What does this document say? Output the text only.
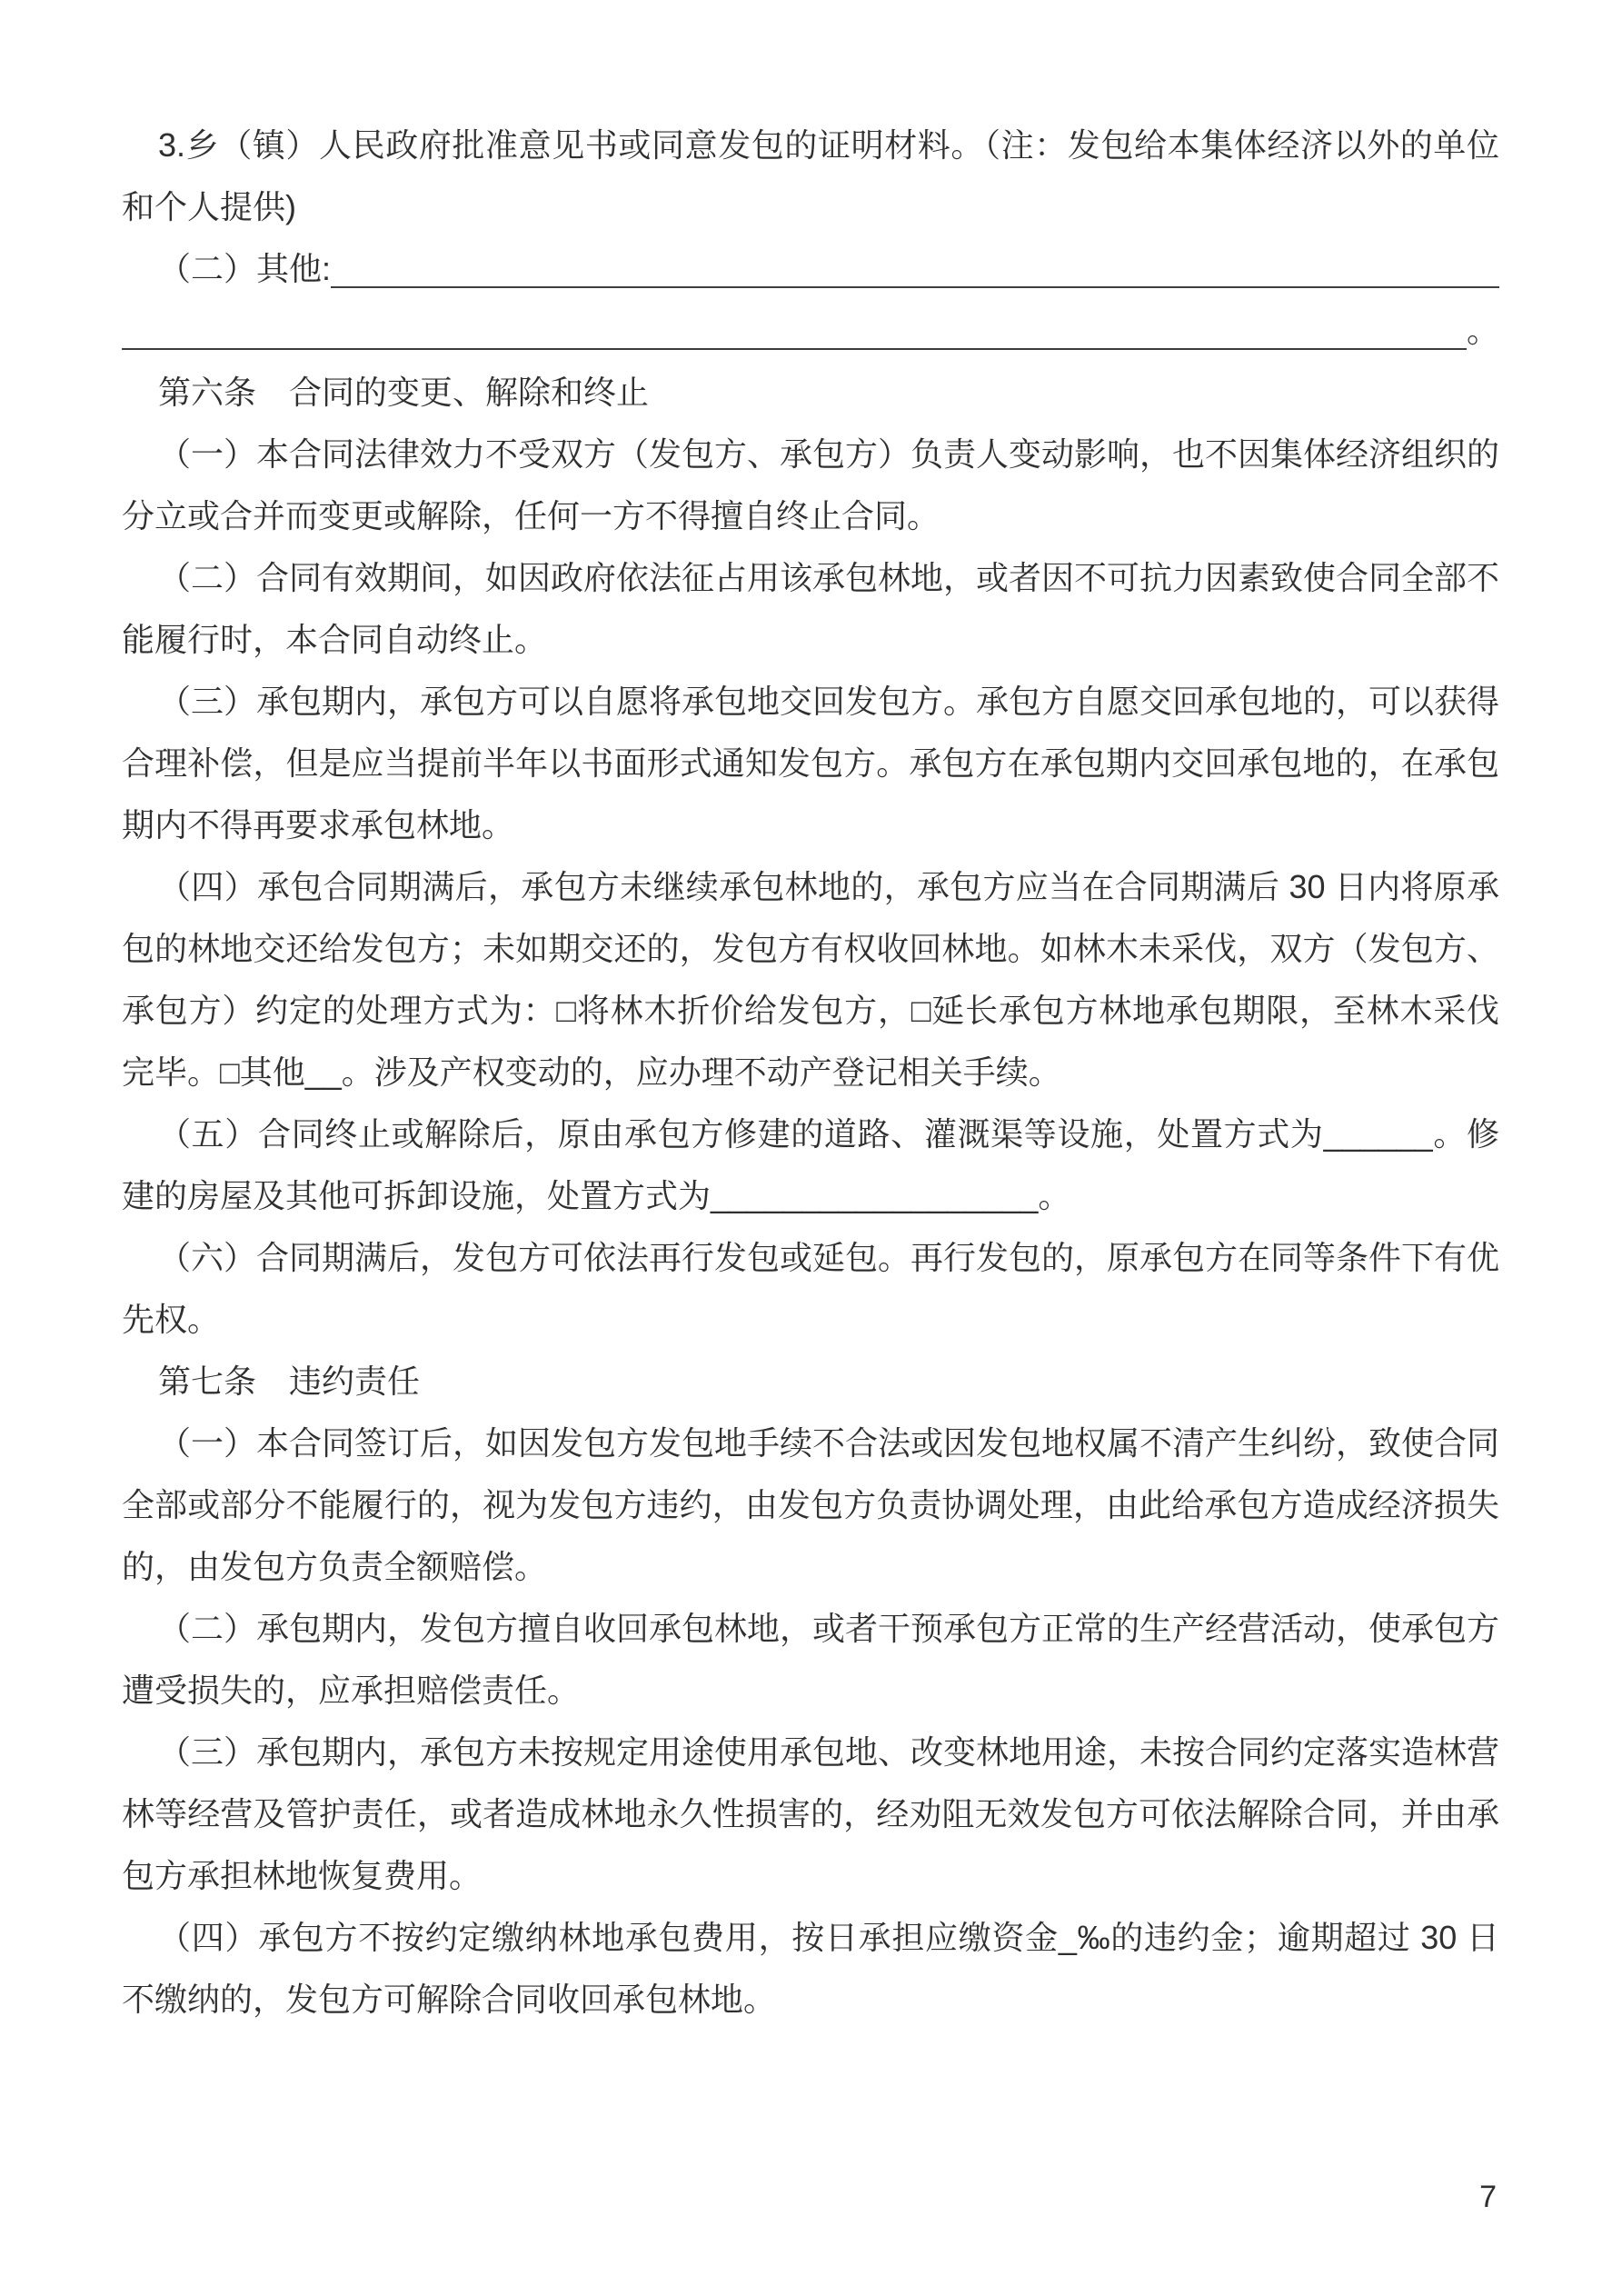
3.乡（镇）人民政府批准意见书或同意发包的证明材料。（注：发包给本集体经济以外的单位和个人提供)
（二）其他:
。
第六条　合同的变更、解除和终止
（一）本合同法律效力不受双方（发包方、承包方）负责人变动影响，也不因集体经济组织的分立或合并而变更或解除，任何一方不得擅自终止合同。
（二）合同有效期间，如因政府依法征占用该承包林地，或者因不可抗力因素致使合同全部不能履行时，本合同自动终止。
（三）承包期内，承包方可以自愿将承包地交回发包方。承包方自愿交回承包地的，可以获得合理补偿，但是应当提前半年以书面形式通知发包方。承包方在承包期内交回承包地的，在承包期内不得再要求承包林地。
（四）承包合同期满后，承包方未继续承包林地的，承包方应当在合同期满后 30 日内将原承包的林地交还给发包方；未如期交还的，发包方有权收回林地。如林木未采伐，双方（发包方、承包方）约定的处理方式为：□将林木折价给发包方，□延长承包方林地承包期限，至林木采伐完毕。□其他__。涉及产权变动的，应办理不动产登记相关手续。
（五）合同终止或解除后，原由承包方修建的道路、灌溉渠等设施，处置方式为______。修建的房屋及其他可拆卸设施，处置方式为__________________。
（六）合同期满后，发包方可依法再行发包或延包。再行发包的，原承包方在同等条件下有优先权。
第七条　违约责任
（一）本合同签订后，如因发包方发包地手续不合法或因发包地权属不清产生纠纷，致使合同全部或部分不能履行的，视为发包方违约，由发包方负责协调处理，由此给承包方造成经济损失的，由发包方负责全额赔偿。
（二）承包期内，发包方擅自收回承包林地，或者干预承包方正常的生产经营活动，使承包方遭受损失的，应承担赔偿责任。
（三）承包期内，承包方未按规定用途使用承包地、改变林地用途，未按合同约定落实造林营林等经营及管护责任，或者造成林地永久性损害的，经劝阻无效发包方可依法解除合同，并由承包方承担林地恢复费用。
（四）承包方不按约定缴纳林地承包费用，按日承担应缴资金_‰的违约金；逾期超过 30 日不缴纳的，发包方可解除合同收回承包林地。
7
